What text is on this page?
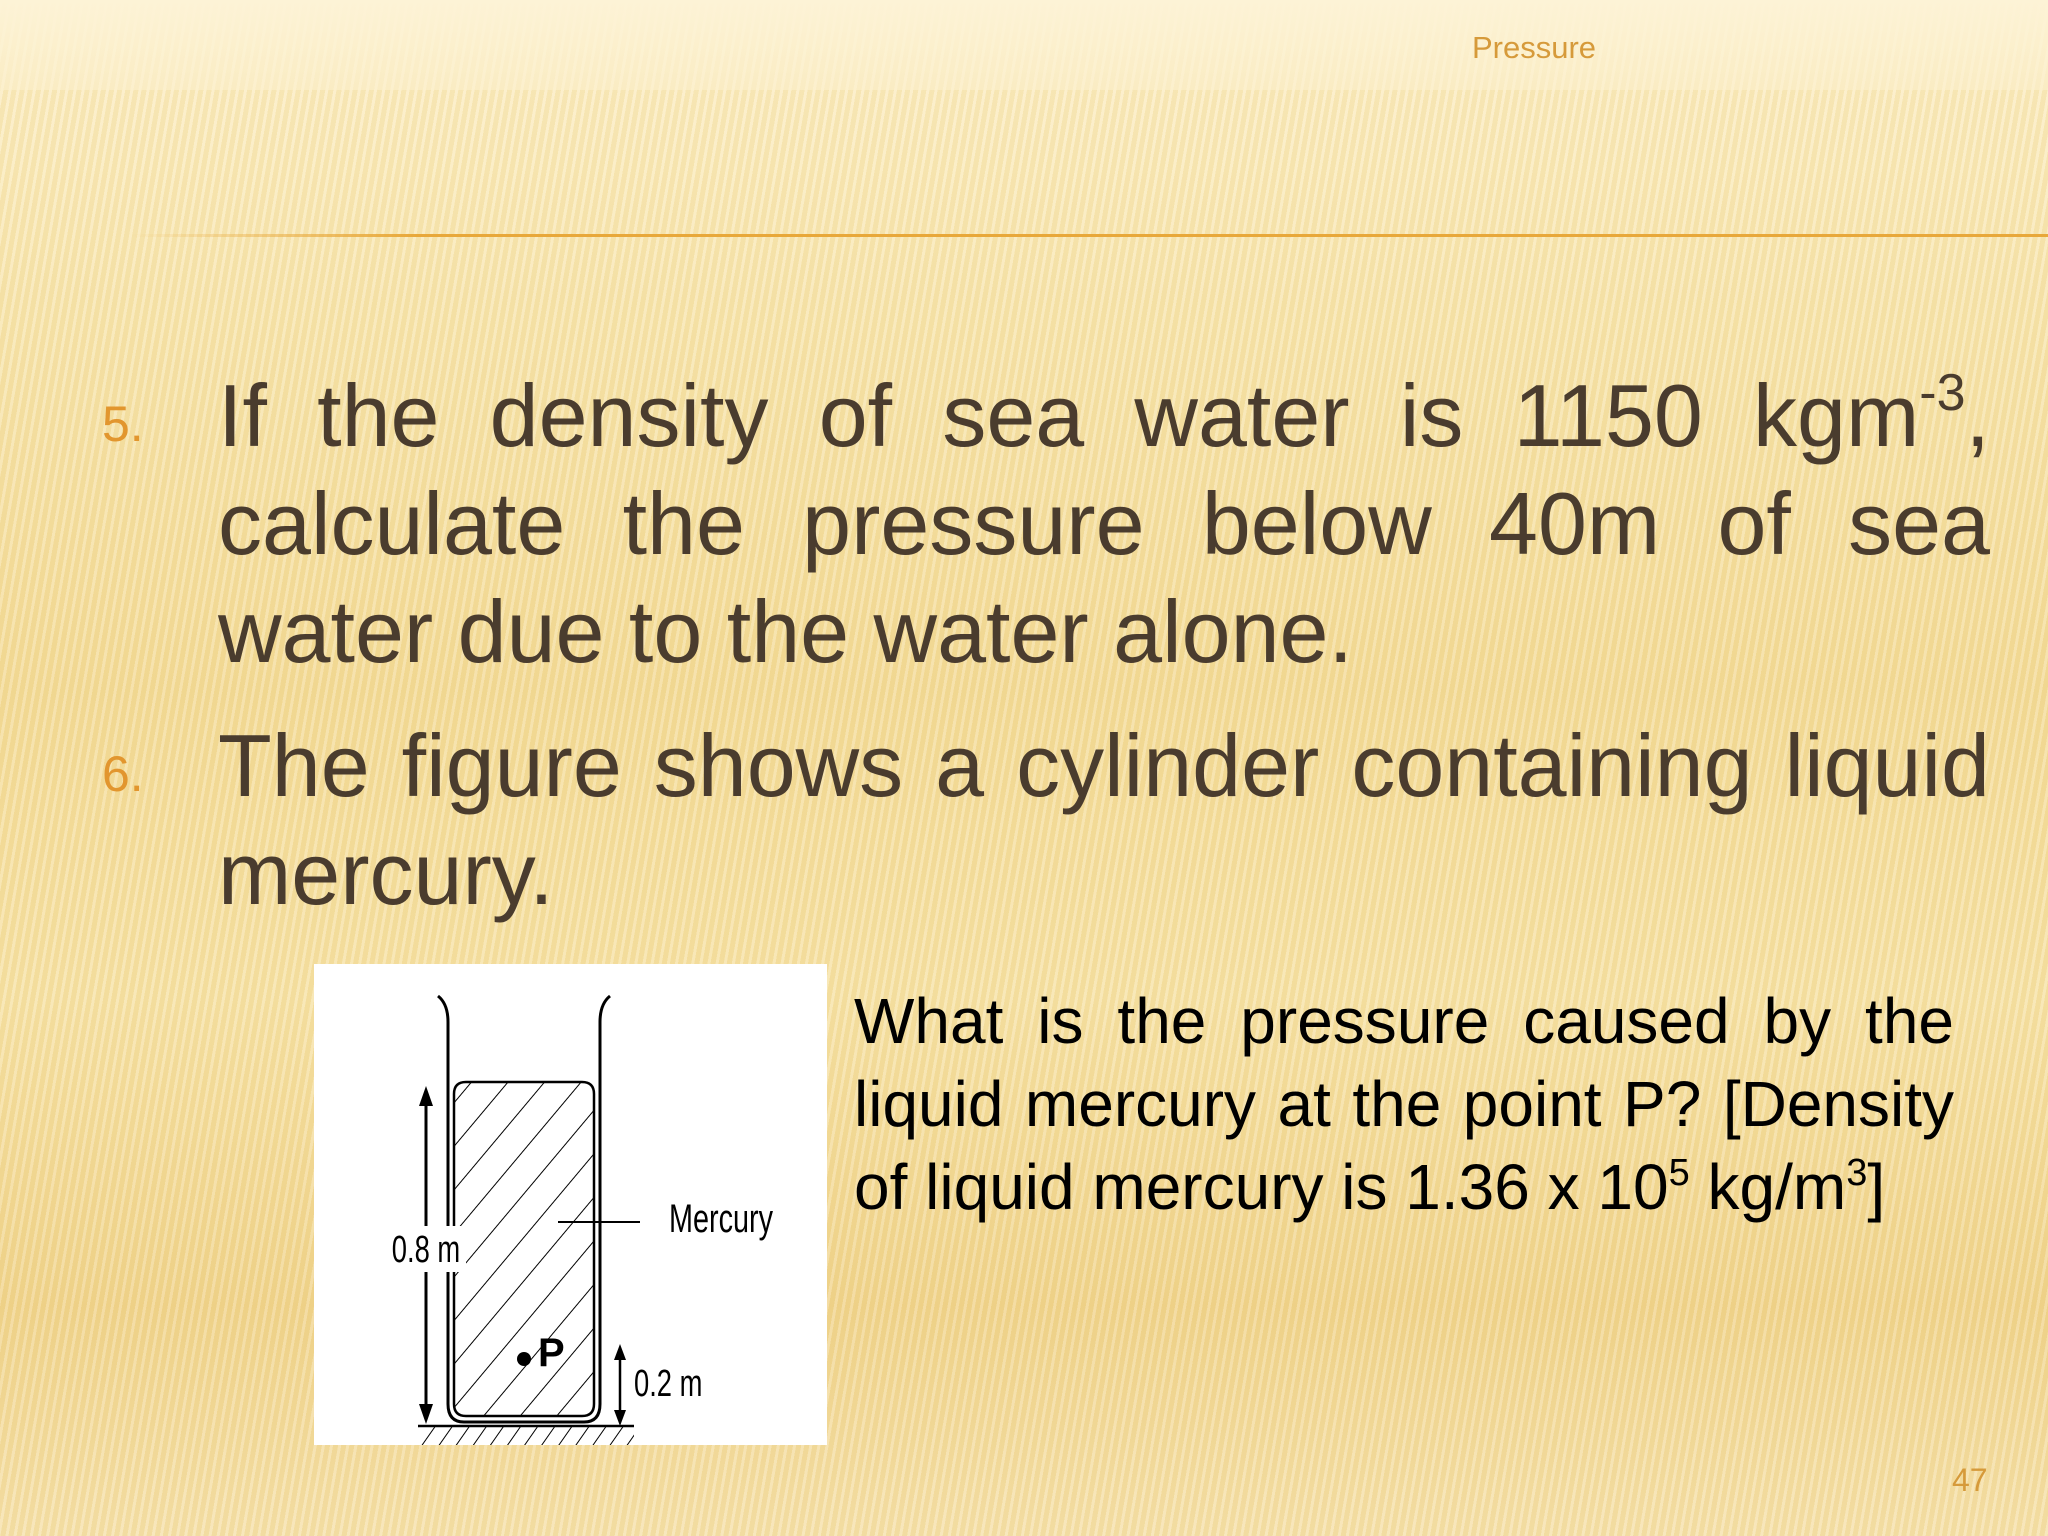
Pressure
5. If the density of sea water is 1150 kgm$^{-3}$, calculate the pressure below 40m of sea water due to the water alone.
6. The figure shows a cylinder containing liquid mercury.
0.8 m
Mercury
P
0.2 m
What is the pressure caused by the liquid mercury at the point P? [Density of liquid mercury is 1.36 x $10^5$ $kg/m^3$]
47
